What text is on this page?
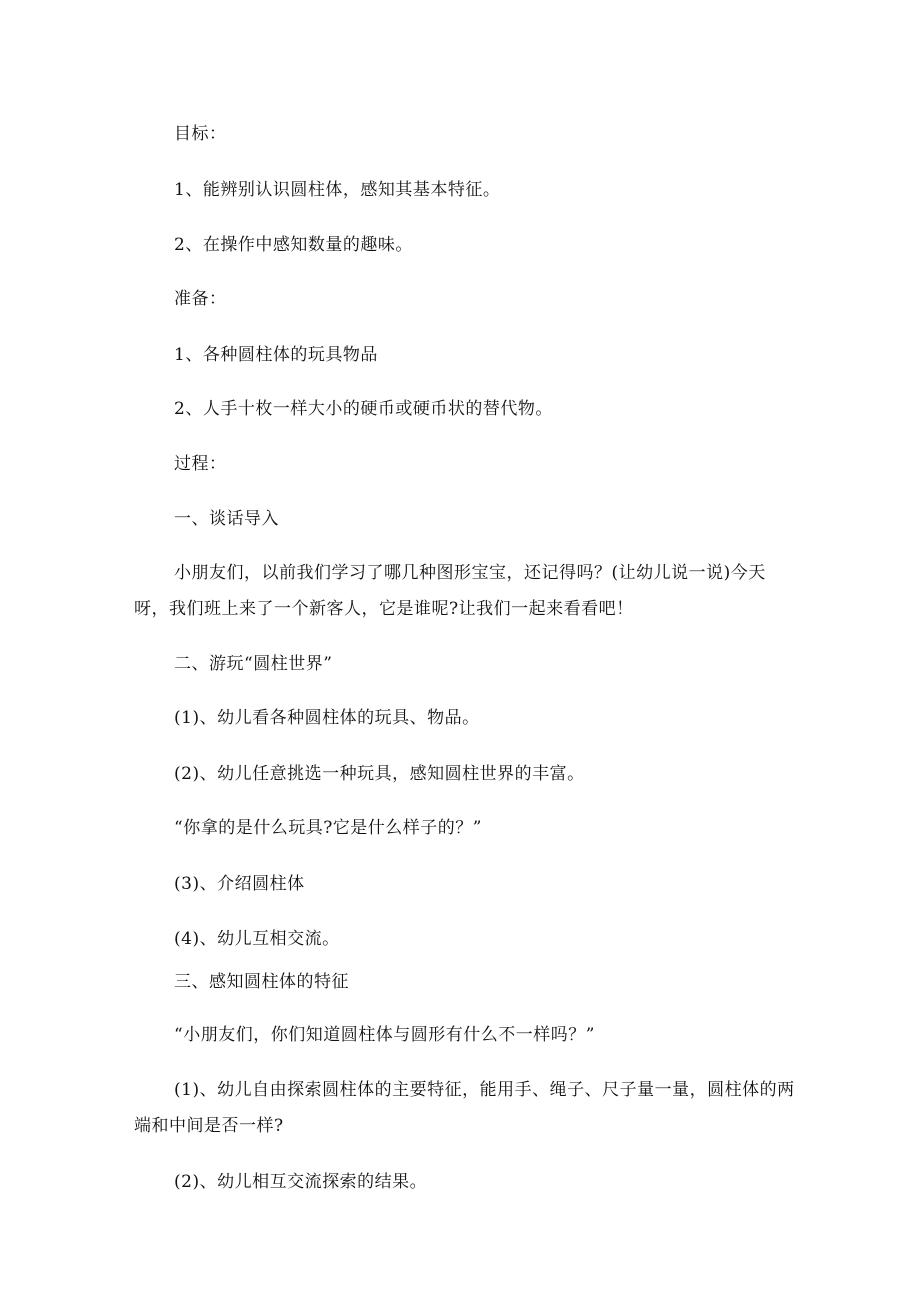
目标：
1、能辨别认识圆柱体，感知其基本特征。
2、在操作中感知数量的趣味。
准备：
1、各种圆柱体的玩具物品
2、人手十枚一样大小的硬币或硬币状的替代物。
过程：
一、谈话导入
小朋友们，以前我们学习了哪几种图形宝宝，还记得吗？(让幼儿说一说)今天
呀，我们班上来了一个新客人，它是谁呢?让我们一起来看看吧！
二、游玩“圆柱世界”
(1)、幼儿看各种圆柱体的玩具、物品。
(2)、幼儿任意挑选一种玩具，感知圆柱世界的丰富。
“你拿的是什么玩具?它是什么样子的？”
(3)、介绍圆柱体
(4)、幼儿互相交流。
三、感知圆柱体的特征
“小朋友们，你们知道圆柱体与圆形有什么不一样吗？”
(1)、幼儿自由探索圆柱体的主要特征，能用手、绳子、尺子量一量，圆柱体的两
端和中间是否一样?
(2)、幼儿相互交流探索的结果。
